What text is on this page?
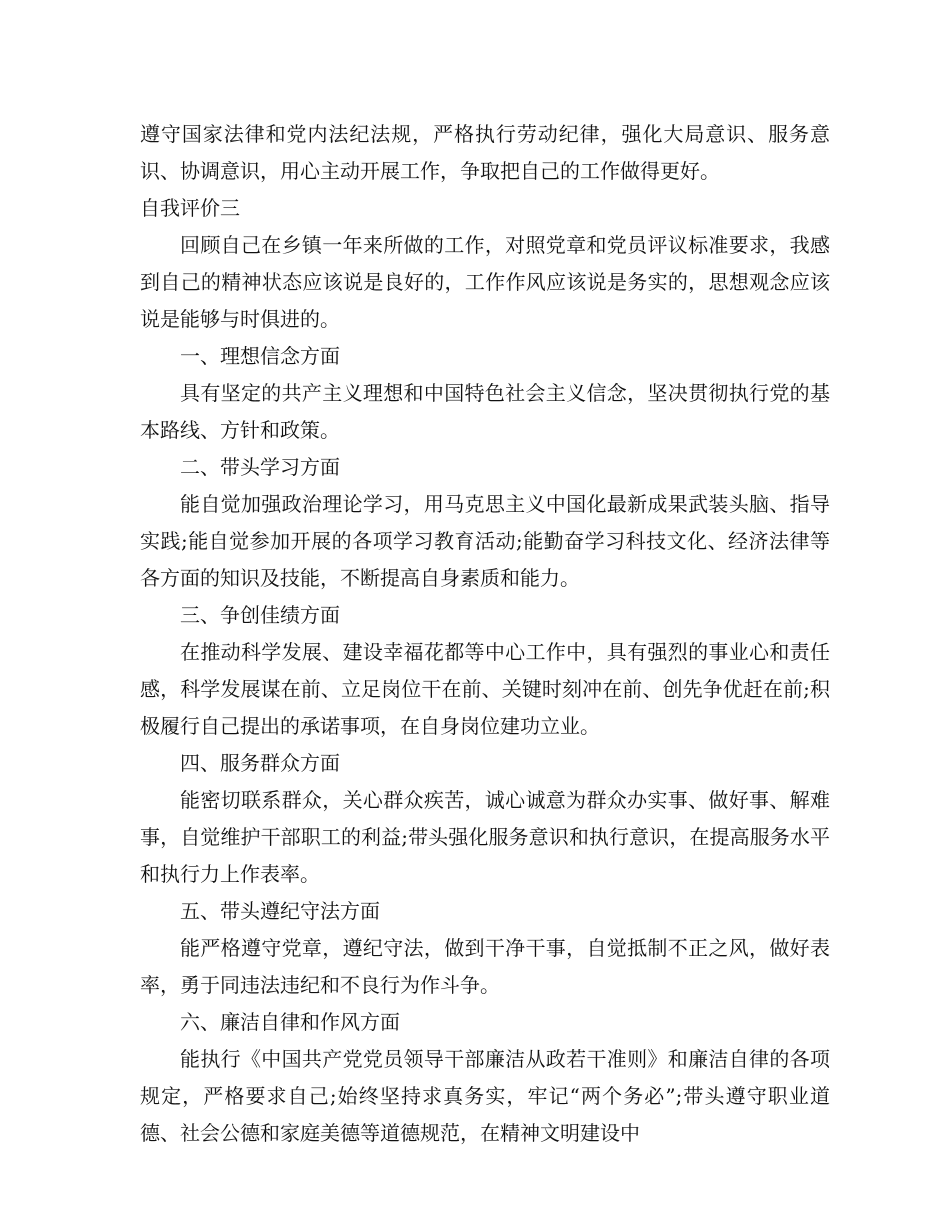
遵守国家法律和党内法纪法规，严格执行劳动纪律，强化大局意识、服务意识、协调意识，用心主动开展工作，争取把自己的工作做得更好。

自我评价三

回顾自己在乡镇一年来所做的工作，对照党章和党员评议标准要求，我感到自己的精神状态应该说是良好的，工作作风应该说是务实的，思想观念应该说是能够与时俱进的。

一、理想信念方面

具有坚定的共产主义理想和中国特色社会主义信念，坚决贯彻执行党的基本路线、方针和政策。

二、带头学习方面

能自觉加强政治理论学习，用马克思主义中国化最新成果武装头脑、指导实践;能自觉参加开展的各项学习教育活动;能勤奋学习科技文化、经济法律等各方面的知识及技能，不断提高自身素质和能力。

三、争创佳绩方面

在推动科学发展、建设幸福花都等中心工作中，具有强烈的事业心和责任感，科学发展谋在前、立足岗位干在前、关键时刻冲在前、创先争优赶在前;积极履行自己提出的承诺事项，在自身岗位建功立业。

四、服务群众方面

能密切联系群众，关心群众疾苦，诚心诚意为群众办实事、做好事、解难事，自觉维护干部职工的利益;带头强化服务意识和执行意识，在提高服务水平和执行力上作表率。

五、带头遵纪守法方面

能严格遵守党章，遵纪守法，做到干净干事，自觉抵制不正之风，做好表率，勇于同违法违纪和不良行为作斗争。

六、廉洁自律和作风方面

能执行《中国共产党党员领导干部廉洁从政若干准则》和廉洁自律的各项规定，严格要求自己;始终坚持求真务实，牢记“两个务必”;带头遵守职业道德、社会公德和家庭美德等道德规范，在精神文明建设中
